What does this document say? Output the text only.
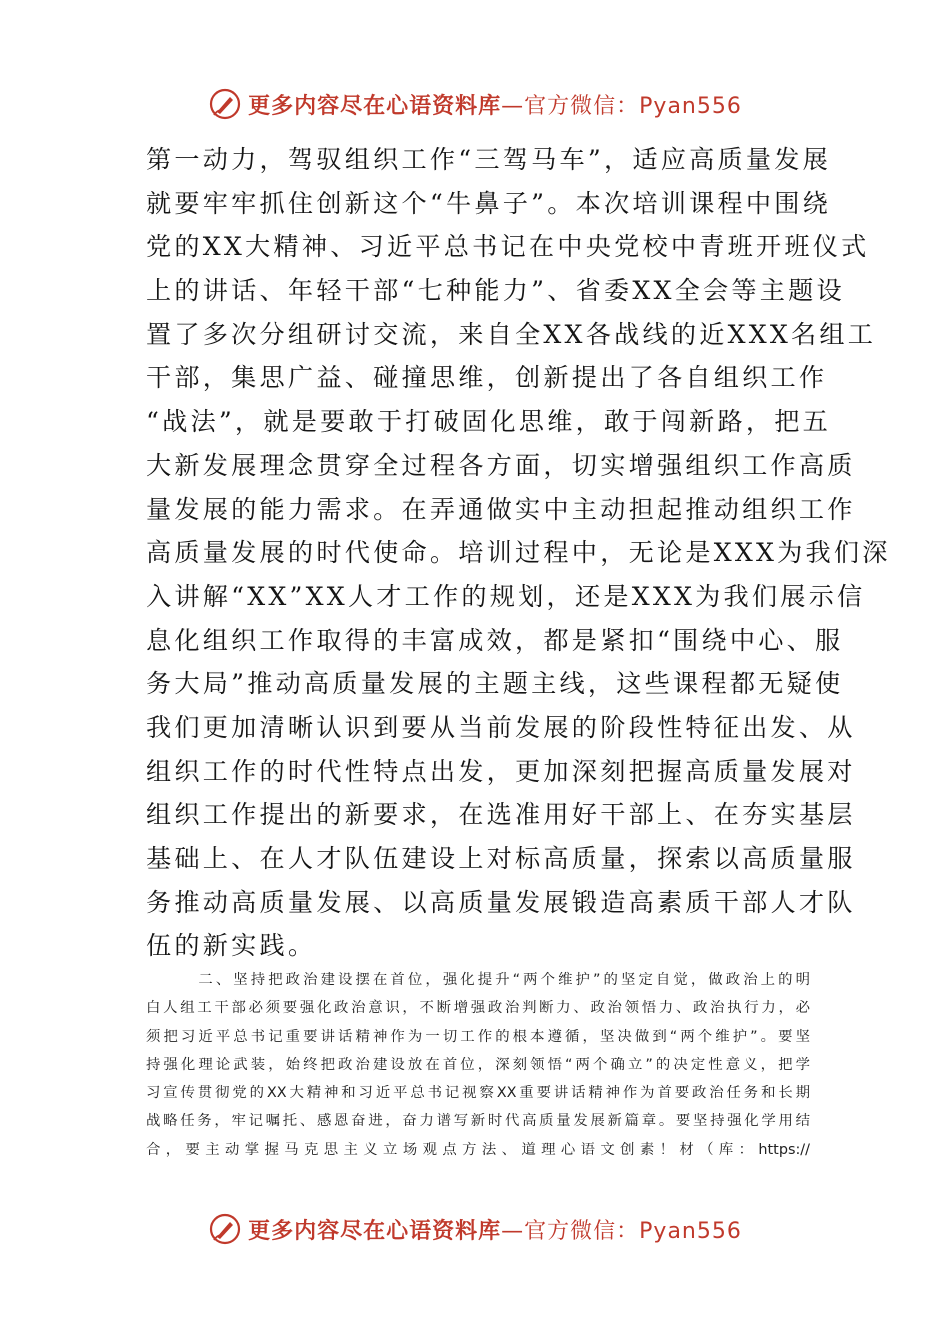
更多内容尽在心语资料库—官方微信：Pyan556
第一动力，驾驭组织工作“三驾马车”，适应高质量发展
就要牢牢抓住创新这个“牛鼻子”。本次培训课程中围绕
党的XX大精神、习近平总书记在中央党校中青班开班仪式
上的讲话、年轻干部“七种能力”、省委XX全会等主题设
置了多次分组研讨交流，来自全XX各战线的近XXX名组工
干部，集思广益、碰撞思维，创新提出了各自组织工作
“战法”，就是要敢于打破固化思维，敢于闯新路，把五
大新发展理念贯穿全过程各方面，切实增强组织工作高质
量发展的能力需求。在弄通做实中主动担起推动组织工作
高质量发展的时代使命。培训过程中，无论是XXX为我们深
入讲解“XX”XX人才工作的规划，还是XXX为我们展示信
息化组织工作取得的丰富成效，都是紧扣“围绕中心、服
务大局”推动高质量发展的主题主线，这些课程都无疑使
我们更加清晰认识到要从当前发展的阶段性特征出发、从
组织工作的时代性特点出发，更加深刻把握高质量发展对
组织工作提出的新要求，在选准用好干部上、在夯实基层
基础上、在人才队伍建设上对标高质量，探索以高质量服
务推动高质量发展、以高质量发展锻造高素质干部人才队
伍的新实践。
　　　二、坚持把政治建设摆在首位，强化提升“两个维护”的坚定自觉，做政治上的明
白人组工干部必须要强化政治意识，不断增强政治判断力、政治领悟力、政治执行力，必
须把习近平总书记重要讲话精神作为一切工作的根本遵循，坚决做到“两个维护”。要坚
持强化理论武装，始终把政治建设放在首位，深刻领悟“两个确立”的决定性意义，把学
习宣传贯彻党的XX大精神和习近平总书记视察XX重要讲话精神作为首要政治任务和长期
战略任务，牢记嘱托、感恩奋进，奋力谱写新时代高质量发展新篇章。要坚持强化学用结
合，要主动掌握马克思主义立场观点方法、道理心语文创素！材（库：https://
更多内容尽在心语资料库—官方微信：Pyan556
